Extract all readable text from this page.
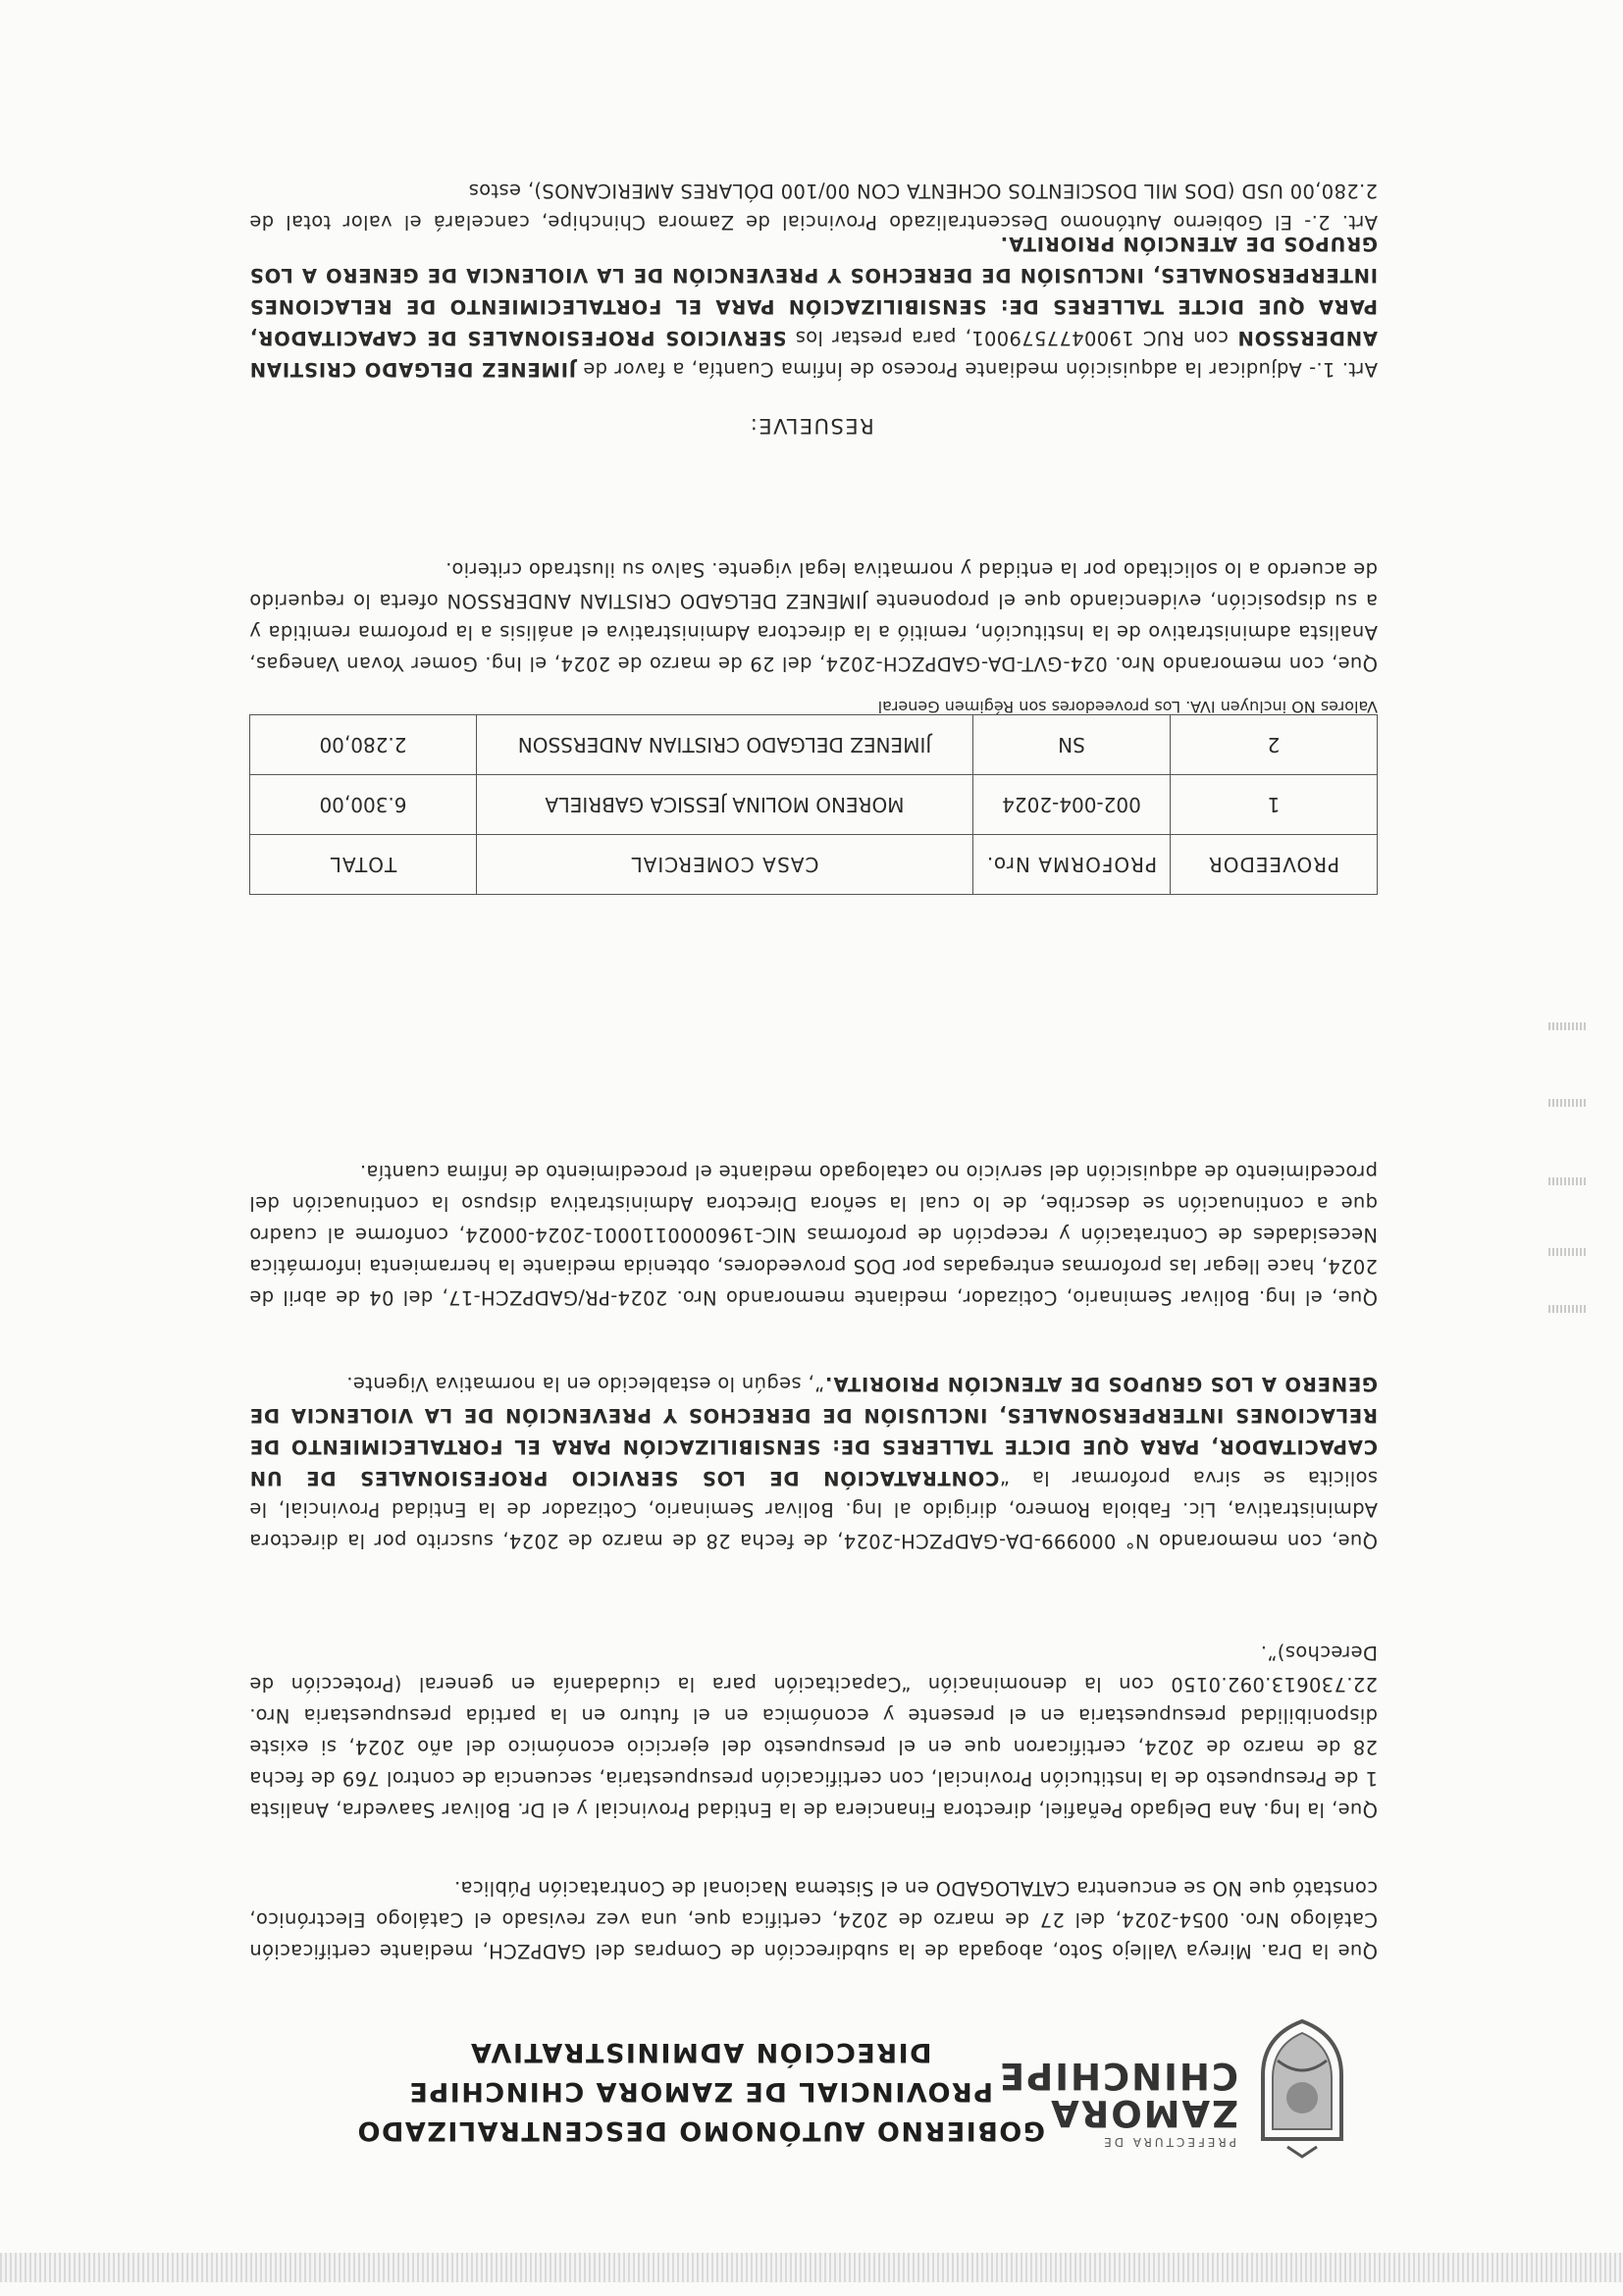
PREFECTURA DE
ZAMORA
CHINCHIPE

GOBIERNO AUTÓNOMO DESCENTRALIZADO

PROVINCIAL DE ZAMORA CHINCHIPE

DIRECCIÓN ADMINISTRATIVA

Que la Dra. Mireya Vallejo Soto, abogada de la subdirección de Compras del GADPZCH, mediante certificación Catálogo Nro. 0054-2024, del 27 de marzo de 2024, certifica que, una vez revisado el Catálogo Electrónico, constató que NO se encuentra CATALOGADO en el Sistema Nacional de Contratación Pública.

Que, la Ing. Ana Delgado Peñafiel, directora Financiera de la Entidad Provincial y el Dr. Bolivar Saavedra, Analista 1 de Presupuesto de la Institución Provincial, con certificación presupuestaria, secuencia de control 769 de fecha 28 de marzo de 2024, certificaron que en el presupuesto del ejercicio económico del año 2024, si existe disponibilidad presupuestaria en el presente y económica en el futuro en la partida presupuestaria Nro. 22.730613.092.0150 con la denominación “Capacitación para la ciudadanía en general (Protección de Derechos)”.

Que, con memorando N° 000999-DA-GADPZCH-2024, de fecha 28 de marzo de 2024, suscrito por la directora Administrativa, Lic. Fabiola Romero, dirigido al Ing. Bolivar Seminario, Cotizador de la Entidad Provincial, le solicita se sirva proformar la “CONTRATACIÓN DE LOS SERVICIO PROFESIONALES DE UN CAPACITADOR, PARA QUE DICTE TALLERES DE: SENSIBILIZACIÓN PARA EL FORTALECIMIENTO DE RELACIONES INTERPERSONALES, INCLUSIÓN DE DERECHOS Y PREVENCIÓN DE LA VIOLENCIA DE GENERO A LOS GRUPOS DE ATENCIÓN PRIORITA.”, según lo establecido en la normativa Vigente.

Que, el Ing. Bolivar Seminario, Cotizador, mediante memorando Nro. 2024-PR/GADPZCH-17, del 04 de abril de 2024, hace llegar las proformas entregadas por DOS proveedores, obtenida mediante la herramienta informática Necesidades de Contratación y recepción de proformas NIC-1960000110001-2024-00024, conforme al cuadro que a continuación se describe, de lo cual la señora Directora Administrativa dispuso la continuación del procedimiento de adquisición del servicio no catalogado mediante el procedimiento de ínfima cuantía.

PROVEEDOR	PROFORMA Nro.	CASA COMERCIAL	TOTAL
1	002-004-2024	MORENO MOLINA JESSICA GABRIELA	6.300,00
2	SN	JIMENEZ DELGADO CRISTIAN ANDERSSON	2.280,00

Valores NO incluyen IVA. Los proveedores son Régimen General

Que, con memorando Nro. 024-GVT-DA-GADPZCH-2024, del 29 de marzo de 2024, el Ing. Gomer Yovan Vanegas, Analista administrativo de la Institución, remitió a la directora Administrativa el análisis a la proforma remitida y a su disposición, evidenciando que el proponente JIMENEZ DELGADO CRISTIAN ANDERSSON oferta lo requerido de acuerdo a lo solicitado por la entidad y normativa legal vigente. Salvo su ilustrado criterio.

RESUELVE:

Art. 1.- Adjudicar la adquisición mediante Proceso de Ínfima Cuantía, a favor de JIMENEZ DELGADO CRISTIAN ANDERSSON con RUC 1900477579001, para prestar los SERVICIOS PROFESIONALES DE CAPACITADOR, PARA QUE DICTE TALLERES DE: SENSIBILIZACIÓN PARA EL FORTALECIMIENTO DE RELACIONES INTERPERSONALES, INCLUSIÓN DE DERECHOS Y PREVENCIÓN DE LA VIOLENCIA DE GENERO A LOS GRUPOS DE ATENCIÓN PRIORITA.

Art. 2.- El Gobierno Autónomo Descentralizado Provincial de Zamora Chinchipe, cancelará el valor total de 2.280,00 USD (DOS MIL DOSCIENTOS OCHENTA CON 00/100 DÓLARES AMERICANOS), estos
